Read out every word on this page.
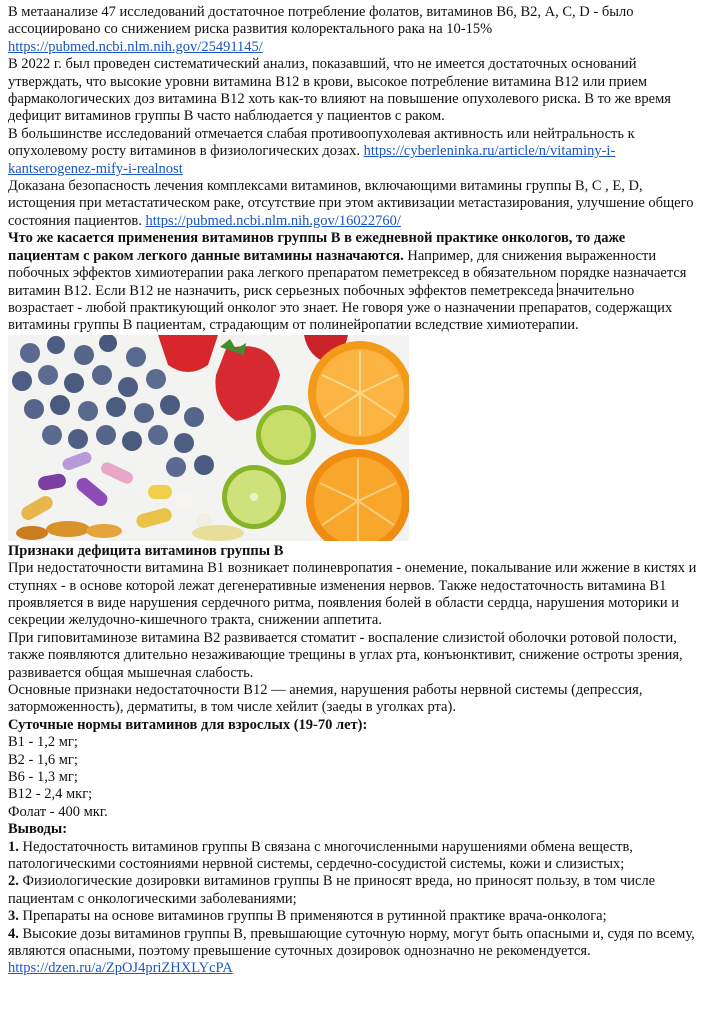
В метаанализе 47 исследований достаточное потребление фолатов, витаминов В6, В2, А, С, D - было ассоциировано со снижением риска развития колоректального рака на 10-15% https://pubmed.ncbi.nlm.nih.gov/25491145/

В 2022 г. был проведен систематический анализ, показавший, что не имеется достаточных оснований утверждать, что высокие уровни витамина В12 в крови, высокое потребление витамина В12 или прием фармакологических доз витамина В12 хоть как-то влияют на повышение опухолевого риска. В то же время дефицит витаминов группы В часто наблюдается у пациентов с раком.

В большинстве исследований отмечается слабая противоопухолевая активность или нейтральность к опухолевому росту витаминов в физиологических дозах. https://cyberleninka.ru/article/n/vitaminy-i-kantserogenez-mify-i-realnost

Доказана безопасность лечения комплексами витаминов, включающими витамины группы В, С , Е, D, истощения при метастатическом раке, отсутствие при этом активизации метастазирования, улучшение общего состояния пациентов. https://pubmed.ncbi.nlm.nih.gov/16022760/

Что же касается применения витаминов группы В в ежедневной практике онкологов, то даже пациентам с раком легкого данные витамины назначаются. Например, для снижения выраженности побочных эффектов химиотерапии рака легкого препаратом пеметрексед в обязательном порядке назначается витамин В12. Если В12 не назначить, риск серьезных побочных эффектов пеметрекседа значительно возрастает - любой практикующий онколог это знает. Не говоря уже о назначении препаратов, содержащих витамины группы В пациентам, страдающим от полинейропатии вследствие химиотерапии.

Признаки дефицита витаминов группы В

При недостаточности витамина В1 возникает полиневропатия - онемение, покалывание или жжение в кистях и ступнях - в основе которой лежат дегенеративные изменения нервов. Также недостаточность витамина В1 проявляется в виде нарушения сердечного ритма, появления болей в области сердца, нарушения моторики и секреции желудочно-кишечного тракта, снижении аппетита.

При гиповитаминозе витамина В2 развивается стоматит - воспаление слизистой оболочки ротовой полости, также появляются длительно незаживающие трещины в углах рта, конъюнктивит, снижение остроты зрения, развивается общая мышечная слабость.

Основные признаки недостаточности В12 — анемия, нарушения работы нервной системы (депрессия, заторможенность), дерматиты, в том числе хейлит (заеды в уголках рта).

Суточные нормы витаминов для взрослых (19-70 лет):

В1 - 1,2 мг;

В2 - 1,6 мг;

В6 - 1,3 мг;

В12 - 2,4 мкг;

Фолат - 400 мкг.

Выводы:

1. Недостаточность витаминов группы В связана с многочисленными нарушениями обмена веществ, патологическими состояниями нервной системы, сердечно-сосудистой системы, кожи и слизистых;

2. Физиологические дозировки витаминов группы В не приносят вреда, но приносят пользу, в том числе пациентам с онкологическими заболеваниями;

3. Препараты на основе витаминов группы В применяются в рутинной практике врача-онколога;

4. Высокие дозы витаминов группы В, превышающие суточную норму, могут быть опасными и, судя по всему, являются опасными, поэтому превышение суточных дозировок однозначно не рекомендуется.

https://dzen.ru/a/ZpOJ4priZHXLYcPA
